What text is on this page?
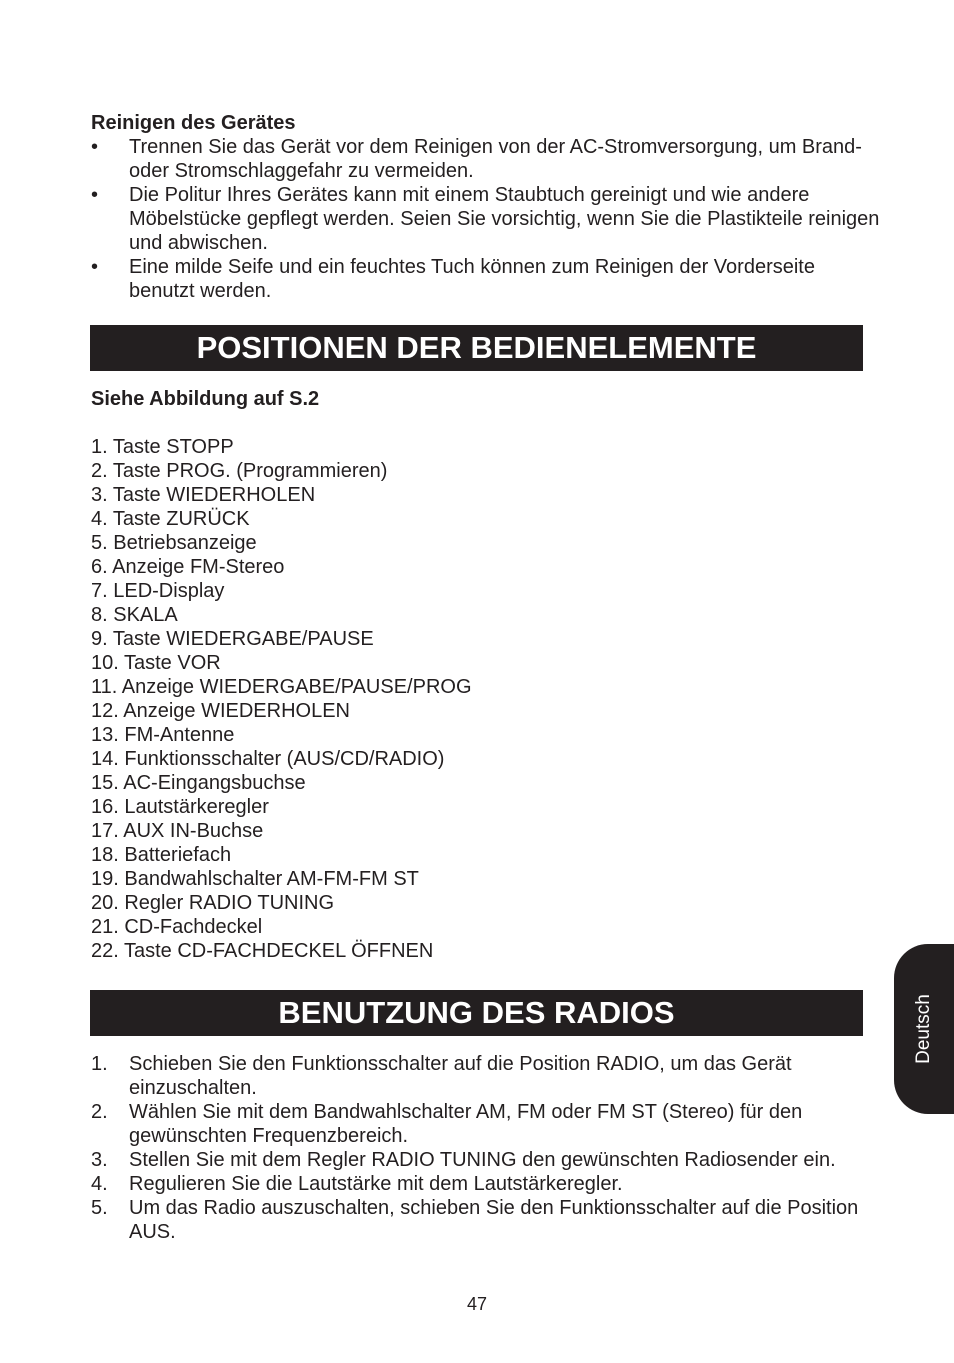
Reinigen des Gerätes
•	Trennen Sie das Gerät vor dem Reinigen von der AC-Stromversorgung, um Brand- oder Stromschlaggefahr zu vermeiden.
•	Die Politur Ihres Gerätes kann mit einem Staubtuch gereinigt und wie andere Möbelstücke gepflegt werden. Seien Sie vorsichtig, wenn Sie die Plastikteile reinigen und abwischen.
•	Eine milde Seife und ein feuchtes Tuch können zum Reinigen der Vorderseite benutzt werden.
POSITIONEN DER BEDIENELEMENTE
Siehe Abbildung auf S.2
1. Taste STOPP
2. Taste PROG. (Programmieren)
3. Taste WIEDERHOLEN
4. Taste ZURÜCK
5. Betriebsanzeige
6. Anzeige FM-Stereo
7. LED-Display
8. SKALA
9. Taste WIEDERGABE/PAUSE
10. Taste VOR
11. Anzeige WIEDERGABE/PAUSE/PROG
12. Anzeige WIEDERHOLEN
13. FM-Antenne
14. Funktionsschalter (AUS/CD/RADIO)
15. AC-Eingangsbuchse
16. Lautstärkeregler
17. AUX IN-Buchse
18. Batteriefach
19. Bandwahlschalter AM-FM-FM ST
20. Regler RADIO TUNING
21. CD-Fachdeckel
22. Taste CD-FACHDECKEL ÖFFNEN
BENUTZUNG DES RADIOS
1.	Schieben Sie den Funktionsschalter auf die Position RADIO, um das Gerät einzuschalten.
2.	Wählen Sie mit dem Bandwahlschalter AM, FM oder FM ST (Stereo) für den gewünschten Frequenzbereich.
3.	Stellen Sie mit dem Regler RADIO TUNING den gewünschten Radiosender ein.
4.	Regulieren Sie die Lautstärke mit dem Lautstärkeregler.
5.	Um das Radio auszuschalten, schieben Sie den Funktionsschalter auf die Position AUS.
Deutsch
47
